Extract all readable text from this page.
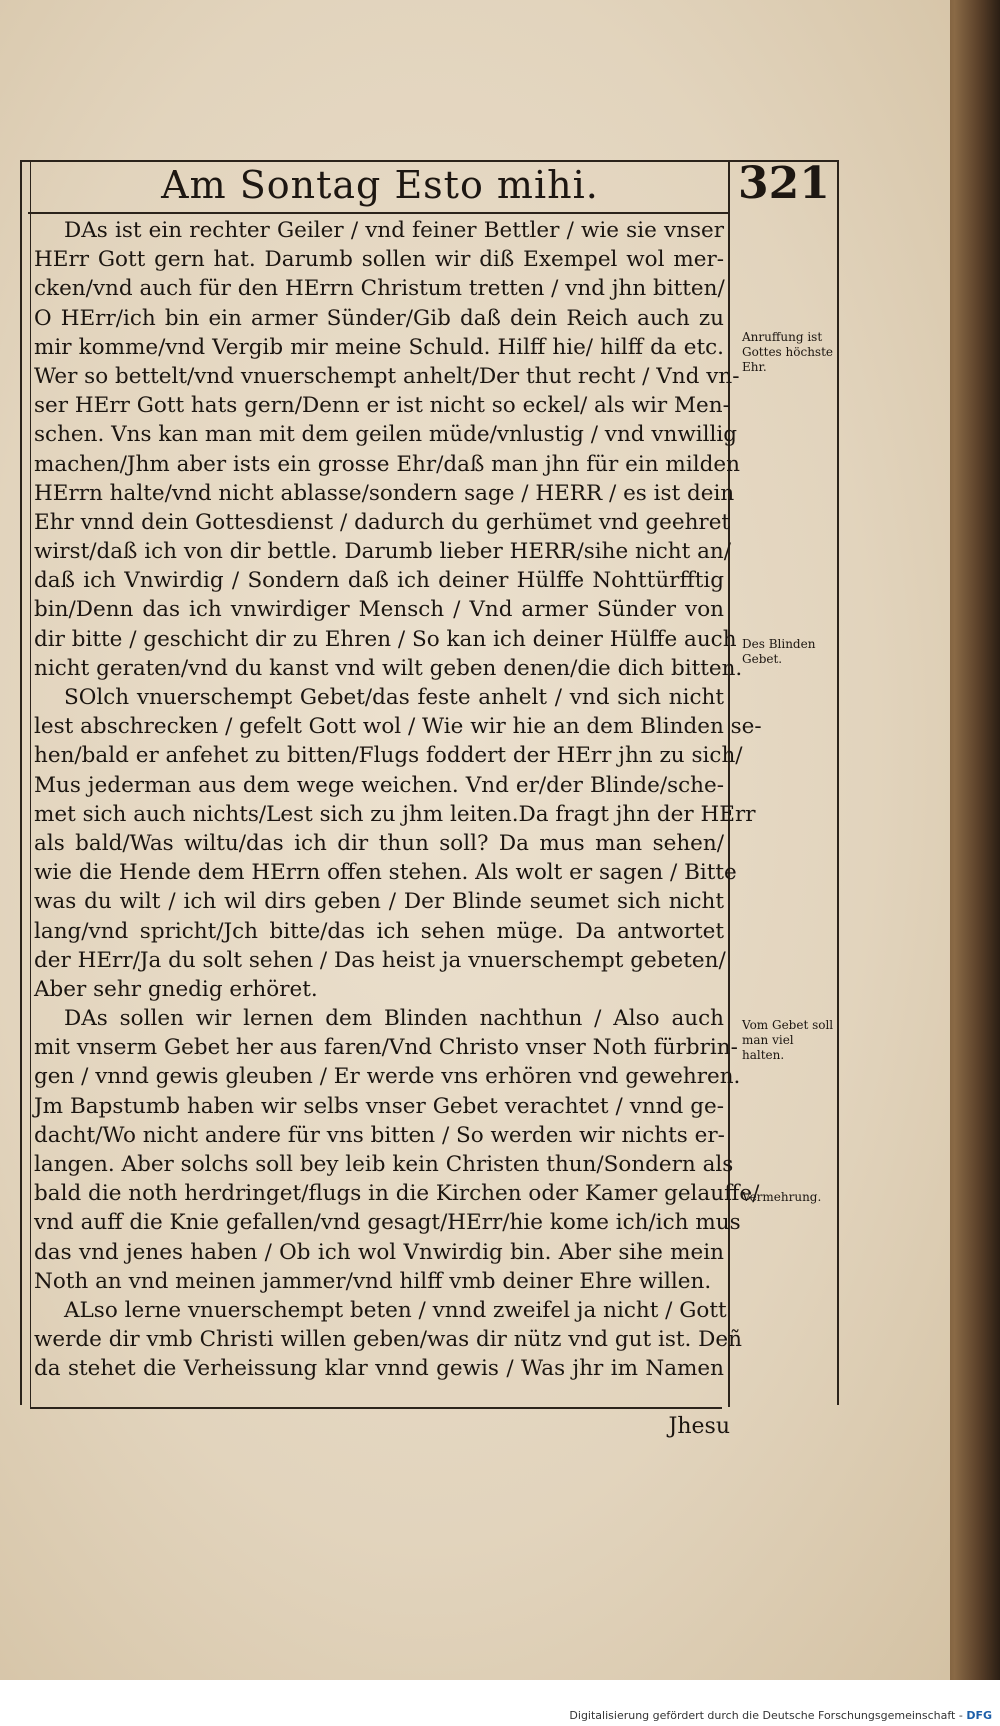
Am Sontag Esto mihi.	321
DAs ist ein rechter Geiler / vnd feiner Bettler / wie sie vnser
HErr Gott gern hat. Darumb sollen wir diß Exempel wol mer-
cken/vnd auch für den HErrn Christum tretten / vnd jhn bitten/
O HErr/ich bin ein armer Sünder/Gib daß dein Reich auch zu
mir komme/vnd Vergib mir meine Schuld. Hilff hie/ hilff da etc.
Wer so bettelt/vnd vnuerschempt anhelt/Der thut recht / Vnd vn-
ser HErr Gott hats gern/Denn er ist nicht so eckel/ als wir Men-
schen. Vns kan man mit dem geilen müde/vnlustig / vnd vnwillig
machen/Jhm aber ists ein grosse Ehr/daß man jhn für ein milden
HErrn halte/vnd nicht ablasse/sondern sage / HERR / es ist dein
Ehr vnnd dein Gottesdienst / dadurch du gerhümet vnd geehret
wirst/daß ich von dir bettle. Darumb lieber HERR/sihe nicht an/
daß ich Vnwirdig / Sondern daß ich deiner Hülffe Nohttürfftig
bin/Denn das ich vnwirdiger Mensch / Vnd armer Sünder von
dir bitte / geschicht dir zu Ehren / So kan ich deiner Hülffe auch
nicht geraten/vnd du kanst vnd wilt geben denen/die dich bitten.
SOlch vnuerschempt Gebet/das feste anhelt / vnd sich nicht
lest abschrecken / gefelt Gott wol / Wie wir hie an dem Blinden se-
hen/bald er anfehet zu bitten/Flugs foddert der HErr jhn zu sich/
Mus jederman aus dem wege weichen. Vnd er/der Blinde/sche-
met sich auch nichts/Lest sich zu jhm leiten.Da fragt jhn der HErr
als bald/Was wiltu/das ich dir thun soll? Da mus man sehen/
wie die Hende dem HErrn offen stehen. Als wolt er sagen / Bitte
was du wilt / ich wil dirs geben / Der Blinde seumet sich nicht
lang/vnd spricht/Jch bitte/das ich sehen müge. Da antwortet
der HErr/Ja du solt sehen / Das heist ja vnuerschempt gebeten/
Aber sehr gnedig erhöret.
DAs sollen wir lernen dem Blinden nachthun / Also auch
mit vnserm Gebet her aus faren/Vnd Christo vnser Noth fürbrin-
gen / vnnd gewis gleuben / Er werde vns erhören vnd gewehren.
Jm Bapstumb haben wir selbs vnser Gebet verachtet / vnnd ge-
dacht/Wo nicht andere für vns bitten / So werden wir nichts er-
langen. Aber solchs soll bey leib kein Christen thun/Sondern als
bald die noth herdringet/flugs in die Kirchen oder Kamer gelauffe/
vnd auff die Knie gefallen/vnd gesagt/HErr/hie kome ich/ich mus
das vnd jenes haben / Ob ich wol Vnwirdig bin. Aber sihe mein
Noth an vnd meinen jammer/vnd hilff vmb deiner Ehre willen.
ALso lerne vnuerschempt beten / vnnd zweifel ja nicht / Gott
werde dir vmb Christi willen geben/was dir nütz vnd gut ist. Deñ
da stehet die Verheissung klar vnnd gewis / Was jhr im Namen
Anruffung ist Gottes höchste Ehr.
Des Blinden Gebet.
Vom Gebet soll man viel halten.
Vermehrung.
Jhesu
Digitalisierung gefördert durch die Deutsche Forschungsgemeinschaft - DFG
